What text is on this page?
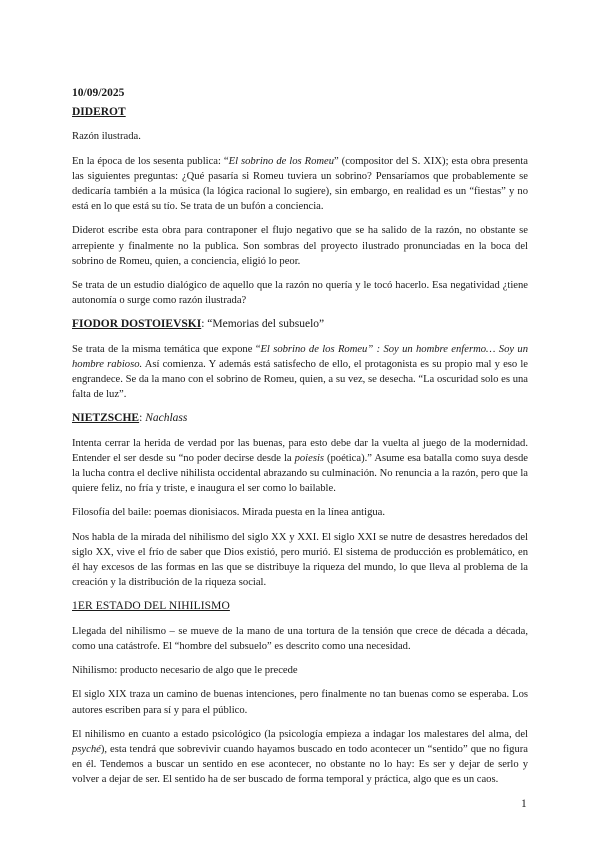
10/09/2025
DIDEROT

Razón ilustrada.

En la época de los sesenta publica: “El sobrino de los Romeu” (compositor del S. XIX); esta obra presenta las siguientes preguntas: ¿Qué pasaría si Romeu tuviera un sobrino? Pensaríamos que probablemente se dedicaría también a la música (la lógica racional lo sugiere), sin embargo, en realidad es un “fiestas” y no está en lo que está su tío. Se trata de un bufón a conciencia.

Diderot escribe esta obra para contraponer el flujo negativo que se ha salido de la razón, no obstante se arrepiente y finalmente no la publica. Son sombras del proyecto ilustrado pronunciadas en la boca del sobrino de Romeu, quien, a conciencia, eligió lo peor.

Se trata de un estudio dialógico de aquello que la razón no quería y le tocó hacerlo. Esa negatividad ¿tiene autonomía o surge como razón ilustrada?

FIODOR DOSTOIEVSKI: “Memorias del subsuelo”

Se trata de la misma temática que expone “El sobrino de los Romeu” : Soy un hombre enfermo… Soy un hombre rabioso. Así comienza. Y además está satisfecho de ello, el protagonista es su propio mal y eso le engrandece. Se da la mano con el sobrino de Romeu, quien, a su vez, se desecha. “La oscuridad solo es una falta de luz”.

NIETZSCHE: Nachlass

Intenta cerrar la herida de verdad por las buenas, para esto debe dar la vuelta al juego de la modernidad. Entender el ser desde su “no poder decirse desde la poiesis (poética).” Asume esa batalla como suya desde la lucha contra el declive nihilista occidental abrazando su culminación. No renuncia a la razón, pero que la quiere feliz, no fría y triste, e inaugura el ser como lo bailable.

Filosofía del baile: poemas dionisiacos. Mirada puesta en la línea antigua.

Nos habla de la mirada del nihilismo del siglo XX y XXI. El siglo XXI se nutre de desastres heredados del siglo XX, vive el frío de saber que Dios existió, pero murió. El sistema de producción es problemático, en él hay excesos de las formas en las que se distribuye la riqueza del mundo, lo que lleva al problema de la creación y la distribución de la riqueza social.

1ER ESTADO DEL NIHILISMO

Llegada del nihilismo – se mueve de la mano de una tortura de la tensión que crece de década a década, como una catástrofe. El “hombre del subsuelo” es descrito como una necesidad.

Nihilismo: producto necesario de algo que le precede

El siglo XIX traza un camino de buenas intenciones, pero finalmente no tan buenas como se esperaba. Los autores escriben para sí y para el público.

El nihilismo en cuanto a estado psicológico (la psicología empieza a indagar los malestares del alma, del psyché), esta tendrá que sobrevivir cuando hayamos buscado en todo acontecer un “sentido” que no figura en él. Tendemos a buscar un sentido en ese acontecer, no obstante no lo hay: Es ser y dejar de serlo y volver a dejar de ser. El sentido ha de ser buscado de forma temporal y práctica, algo que es un caos.

1
